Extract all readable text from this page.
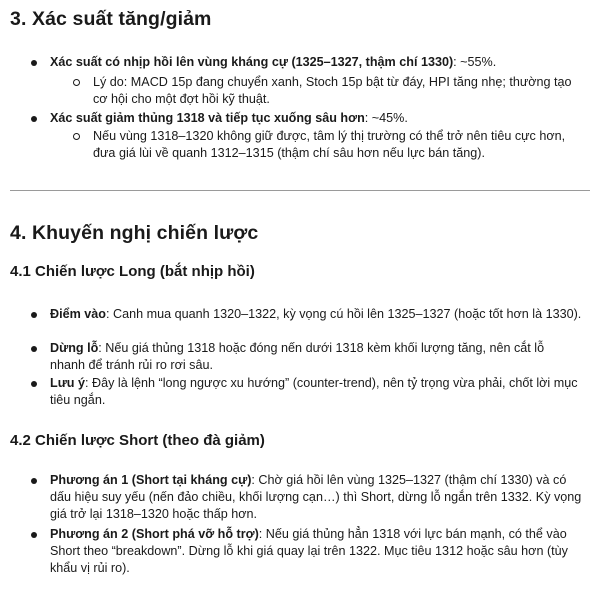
3. Xác suất tăng/giảm
Xác suất có nhịp hồi lên vùng kháng cự (1325–1327, thậm chí 1330): ~55%.
Lý do: MACD 15p đang chuyển xanh, Stoch 15p bật từ đáy, HPI tăng nhẹ; thường tạo cơ hội cho một đợt hồi kỹ thuật.
Xác suất giảm thủng 1318 và tiếp tục xuống sâu hơn: ~45%.
Nếu vùng 1318–1320 không giữ được, tâm lý thị trường có thể trở nên tiêu cực hơn, đưa giá lùi về quanh 1312–1315 (thậm chí sâu hơn nếu lực bán tăng).
4. Khuyến nghị chiến lược
4.1 Chiến lược Long (bắt nhịp hồi)
Điểm vào: Canh mua quanh 1320–1322, kỳ vọng cú hồi lên 1325–1327 (hoặc tốt hơn là 1330).
Dừng lỗ: Nếu giá thủng 1318 hoặc đóng nến dưới 1318 kèm khối lượng tăng, nên cắt lỗ nhanh để tránh rủi ro rơi sâu.
Lưu ý: Đây là lệnh “long ngược xu hướng” (counter-trend), nên tỷ trọng vừa phải, chốt lời mục tiêu ngắn.
4.2 Chiến lược Short (theo đà giảm)
Phương án 1 (Short tại kháng cự): Chờ giá hồi lên vùng 1325–1327 (thậm chí 1330) và có dấu hiệu suy yếu (nến đảo chiều, khối lượng cạn…) thì Short, dừng lỗ ngắn trên 1332. Kỳ vọng giá trở lại 1318–1320 hoặc thấp hơn.
Phương án 2 (Short phá vỡ hỗ trợ): Nếu giá thủng hẳn 1318 với lực bán mạnh, có thể vào Short theo “breakdown”. Dừng lỗ khi giá quay lại trên 1322. Mục tiêu 1312 hoặc sâu hơn (tùy khẩu vị rủi ro).
